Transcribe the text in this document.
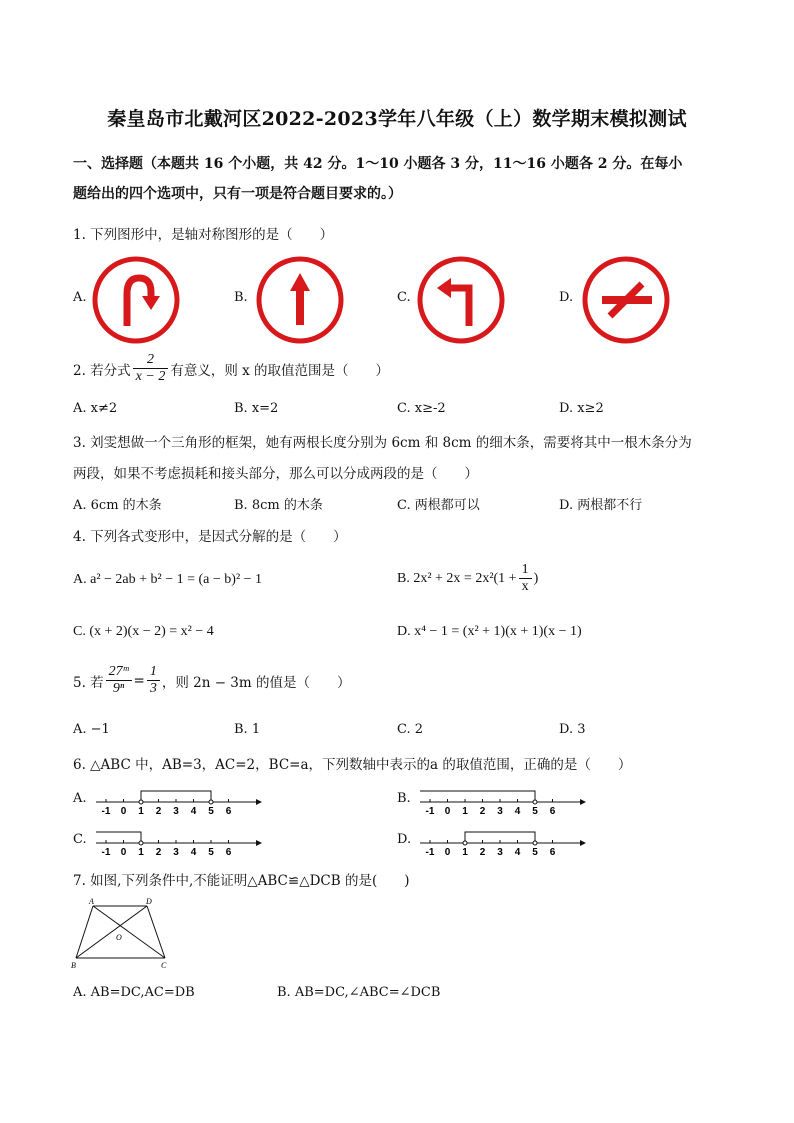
秦皇岛市北戴河区2022-2023学年八年级（上）数学期末模拟测试
一、选择题（本题共 16 个小题，共 42 分。1～10 小题各 3 分，11～16 小题各 2 分。在每小
题给出的四个选项中，只有一项是符合题目要求的。）
1. 下列图形中，是轴对称图形的是（　　）
A.	B.	C.	D.
2. 若分式 $\frac{2}{x - 2}$ 有意义，则 x 的取值范围是（　　）
A. x≠2	B. x=2	C. x≥-2	D. x≥2
3. 刘雯想做一个三角形的框架，她有两根长度分别为 6cm 和 8cm 的细木条，需要将其中一根木条分为
两段，如果不考虑损耗和接头部分，那么可以分成两段的是（　　）
A. 6cm 的木条	B. 8cm 的木条	C. 两根都可以	D. 两根都不行
4. 下列各式变形中，是因式分解的是（　　）
A. a² − 2ab + b² − 1 = (a − b)² − 1	B. $2x^2 + 2x = 2x^2(1 + \frac{1}{x}$ )
C. (x + 2)(x − 2) = x² − 4	D. x⁴ − 1 = (x² + 1)(x + 1)(x − 1)
5. 若 $\frac{\text{27ᵐ}}{\text{9ⁿ}} = \frac{1}{3}$ ，则 2n − 3m 的值是（　　）
A. −1	B. 1	C. 2	D. 3
6. △ABC 中，AB=3，AC=2，BC=a，下列数轴中表示的a 的取值范围，正确的是（　　）
A.	B.
C.	D.
-1 0 1 2 3 4 5 6	-1 0 1 2 3 4 5 6
-1 0 1 2 3 4 5 6	-1 0 1 2 3 4 5 6
7. 如图,下列条件中,不能证明△ABC≌△DCB 的是(　　)
A	D
O
B	C
A. AB=DC,AC=DB	B. AB=DC,∠ABC=∠DCB
